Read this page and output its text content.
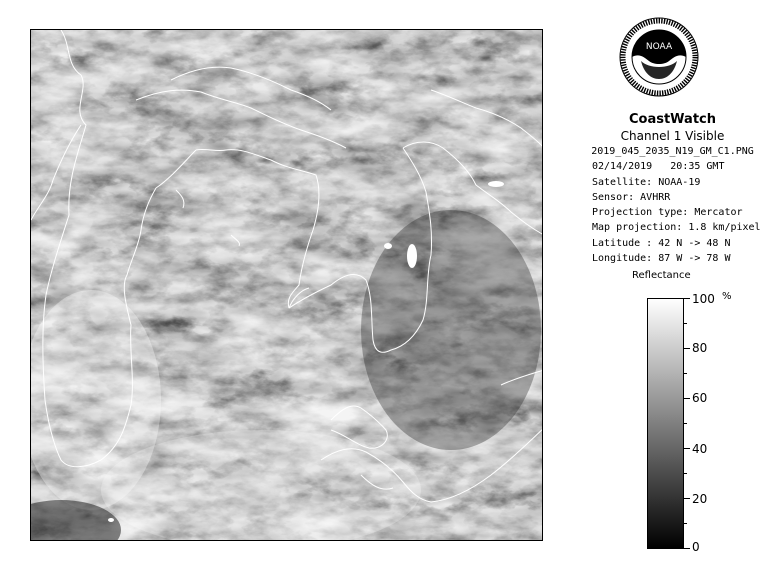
NOAA
CoastWatch
Channel 1 Visible
2019_045_2035_N19_GM_C1.PNG
02/14/2019 20:35 GMT
Satellite: NOAA-19
Sensor: AVHRR
Projection type: Mercator
Map projection: 1.8 km/pixel
Latitude : 42 N -> 48 N
Longitude: 87 W -> 78 W
Reflectance
%
100
80
60
40
20
0
